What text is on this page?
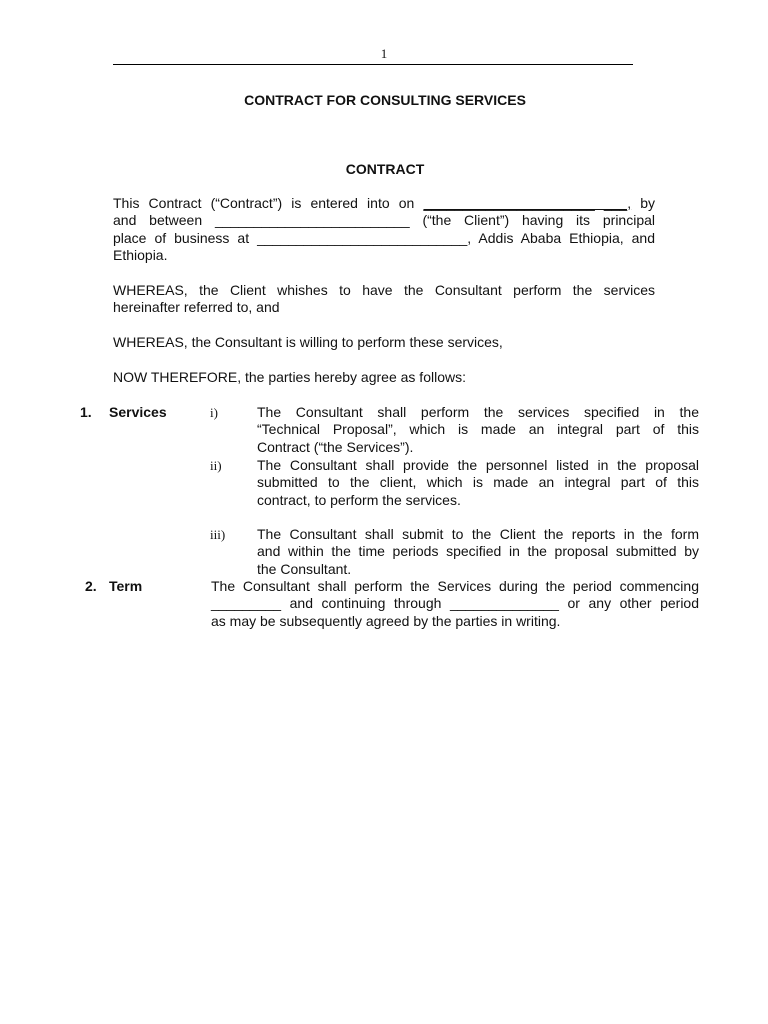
1
CONTRACT FOR CONSULTING SERVICES
CONTRACT
This Contract (“Contract”) is entered into on ______________________ ___, by
and between _________________________ (“the Client”) having its principal
place of business at ___________________________, Addis Ababa Ethiopia, and
Ethiopia.
WHEREAS, the Client whishes to have the Consultant perform the services
hereinafter referred to, and
WHEREAS, the Consultant is willing to perform these services,
NOW THEREFORE, the parties hereby agree as follows:
1. Services	i)	The Consultant shall perform the services specified in the
“Technical Proposal”, which is made an integral part of this
Contract (“the Services”).
ii)	The Consultant shall provide the personnel listed in the proposal
submitted to the client, which is made an integral part of this
contract, to perform the services.
iii) The Consultant shall submit to the Client the reports in the form
and within the time periods specified in the proposal submitted by
the Consultant.
2. Term	The Consultant shall perform the Services during the period commencing
_________ and continuing through ______________ or any other period
as may be subsequently agreed by the parties in writing.
